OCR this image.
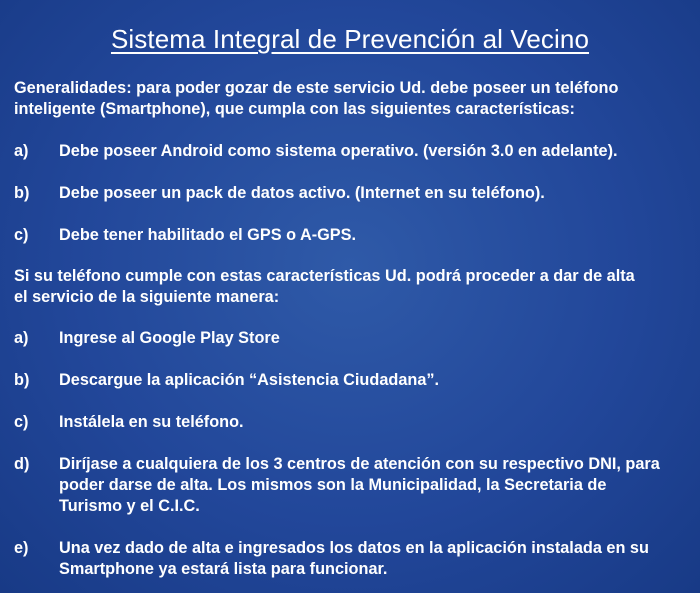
Sistema Integral de Prevención al Vecino
Generalidades: para poder gozar de este servicio Ud. debe poseer un teléfono
inteligente (Smartphone), que cumpla con las siguientes características:
a) Debe poseer Android como sistema operativo. (versión 3.0 en adelante).
b) Debe poseer un pack de datos activo. (Internet en su teléfono).
c) Debe tener habilitado el GPS o A-GPS.
Si su teléfono cumple con estas características Ud. podrá proceder a dar de alta
el servicio de la siguiente manera:
a) Ingrese al Google Play Store
b) Descargue la aplicación “Asistencia Ciudadana”.
c) Instálela en su teléfono.
d) Diríjase a cualquiera de los 3 centros de atención con su respectivo DNI, para
poder darse de alta. Los mismos son la Municipalidad, la Secretaria de
Turismo y el C.I.C.
e) Una vez dado de alta e ingresados los datos en la aplicación instalada en su
Smartphone ya estará lista para funcionar.
